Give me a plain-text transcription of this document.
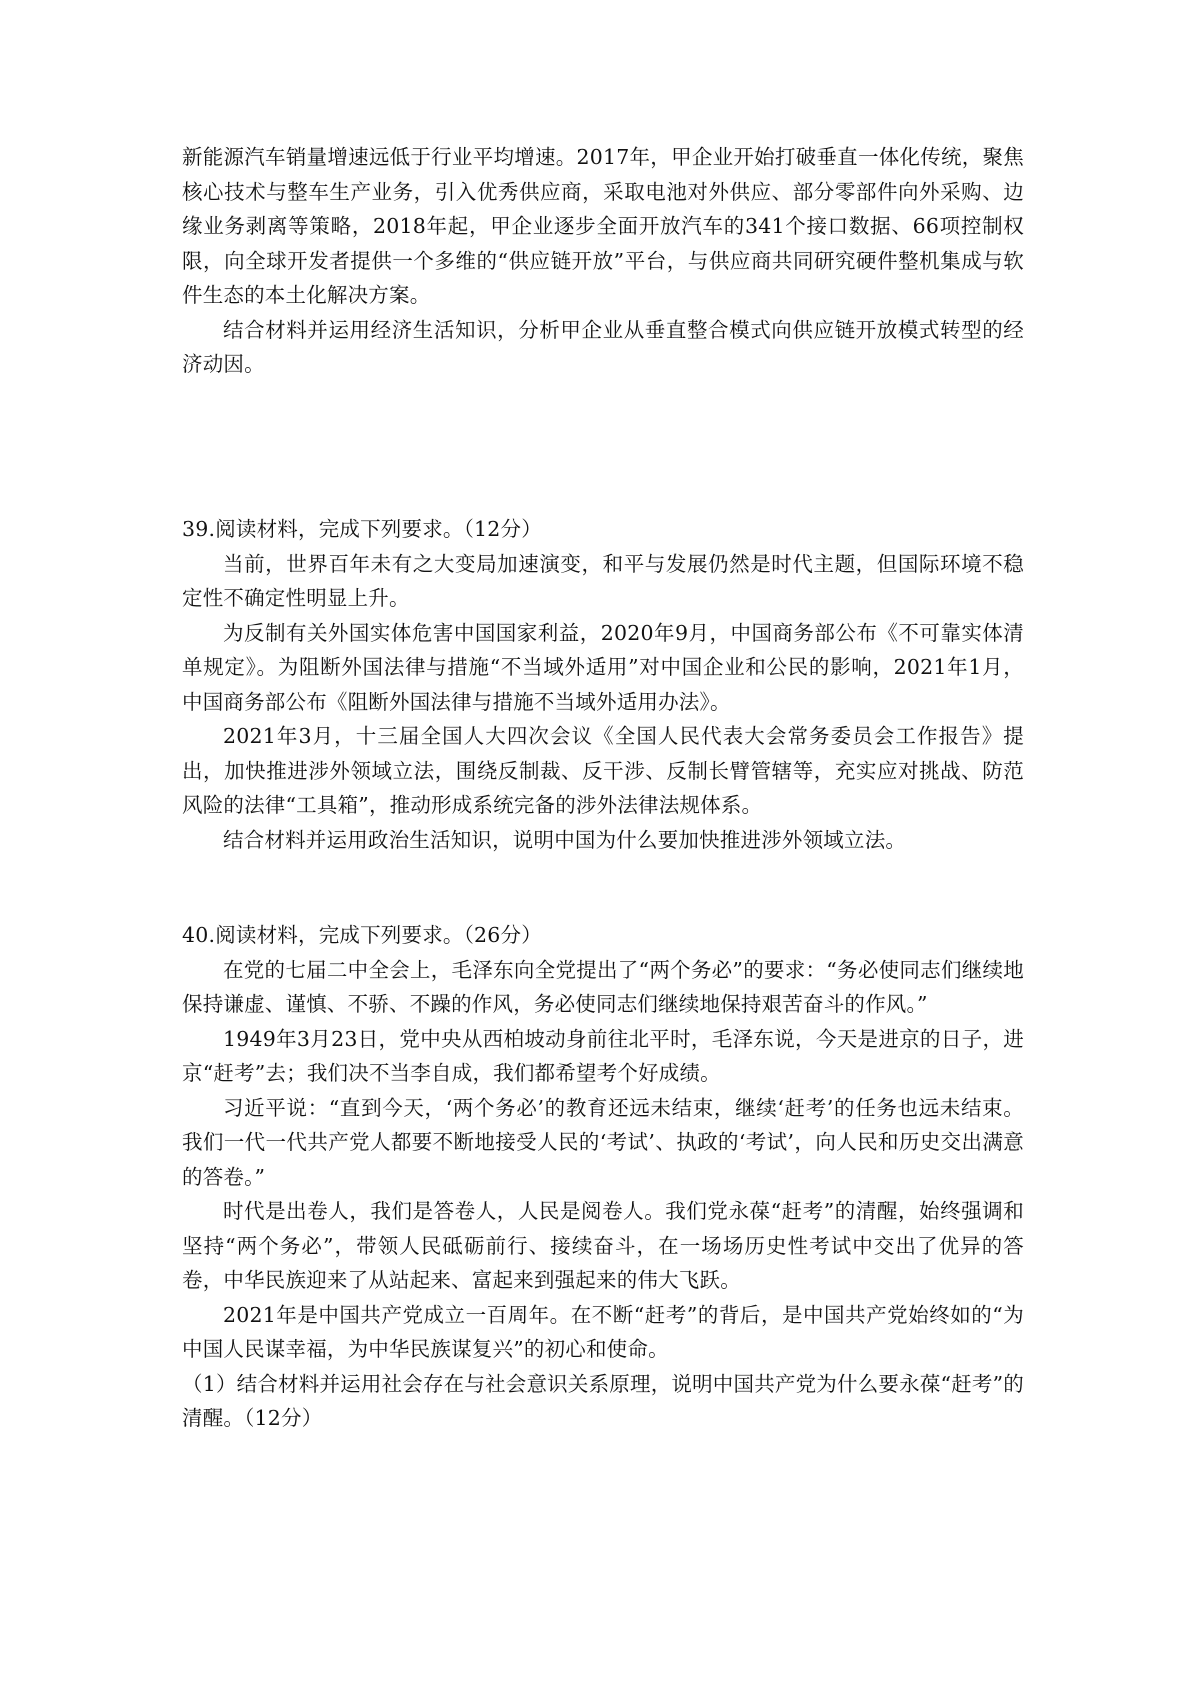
新能源汽车销量增速远低于行业平均增速。2017年，甲企业开始打破垂直一体化传统，聚焦核心技术与整车生产业务，引入优秀供应商，采取电池对外供应、部分零部件向外采购、边缘业务剥离等策略，2018年起，甲企业逐步全面开放汽车的341个接口数据、66项控制权限，向全球开发者提供一个多维的“供应链开放”平台，与供应商共同研究硬件整机集成与软件生态的本土化解决方案。

结合材料并运用经济生活知识，分析甲企业从垂直整合模式向供应链开放模式转型的经济动因。

39.阅读材料，完成下列要求。（12分）

当前，世界百年未有之大变局加速演变，和平与发展仍然是时代主题，但国际环境不稳定性不确定性明显上升。

为反制有关外国实体危害中国国家利益，2020年9月，中国商务部公布《不可靠实体清单规定》。为阻断外国法律与措施“不当域外适用”对中国企业和公民的影响，2021年1月，中国商务部公布《阻断外国法律与措施不当域外适用办法》。

2021年3月，十三届全国人大四次会议《全国人民代表大会常务委员会工作报告》提出，加快推进涉外领域立法，围绕反制裁、反干涉、反制长臂管辖等，充实应对挑战、防范风险的法律“工具箱”，推动形成系统完备的涉外法律法规体系。

结合材料并运用政治生活知识，说明中国为什么要加快推进涉外领域立法。

40.阅读材料，完成下列要求。（26分）

在党的七届二中全会上，毛泽东向全党提出了“两个务必”的要求：“务必使同志们继续地保持谦虚、谨慎、不骄、不躁的作风，务必使同志们继续地保持艰苦奋斗的作风。”

1949年3月23日，党中央从西柏坡动身前往北平时，毛泽东说，今天是进京的日子，进京“赶考”去；我们决不当李自成，我们都希望考个好成绩。

习近平说：“直到今天，‘两个务必’的教育还远未结束，继续‘赶考’的任务也远未结束。我们一代一代共产党人都要不断地接受人民的‘考试’、执政的‘考试’，向人民和历史交出满意的答卷。”

时代是出卷人，我们是答卷人，人民是阅卷人。我们党永葆“赶考”的清醒，始终强调和坚持“两个务必”，带领人民砥砺前行、接续奋斗，在一场场历史性考试中交出了优异的答卷，中华民族迎来了从站起来、富起来到强起来的伟大飞跃。

2021年是中国共产党成立一百周年。在不断“赶考”的背后，是中国共产党始终如的“为中国人民谋幸福，为中华民族谋复兴”的初心和使命。

（1）结合材料并运用社会存在与社会意识关系原理，说明中国共产党为什么要永葆“赶考”的清醒。（12分）
